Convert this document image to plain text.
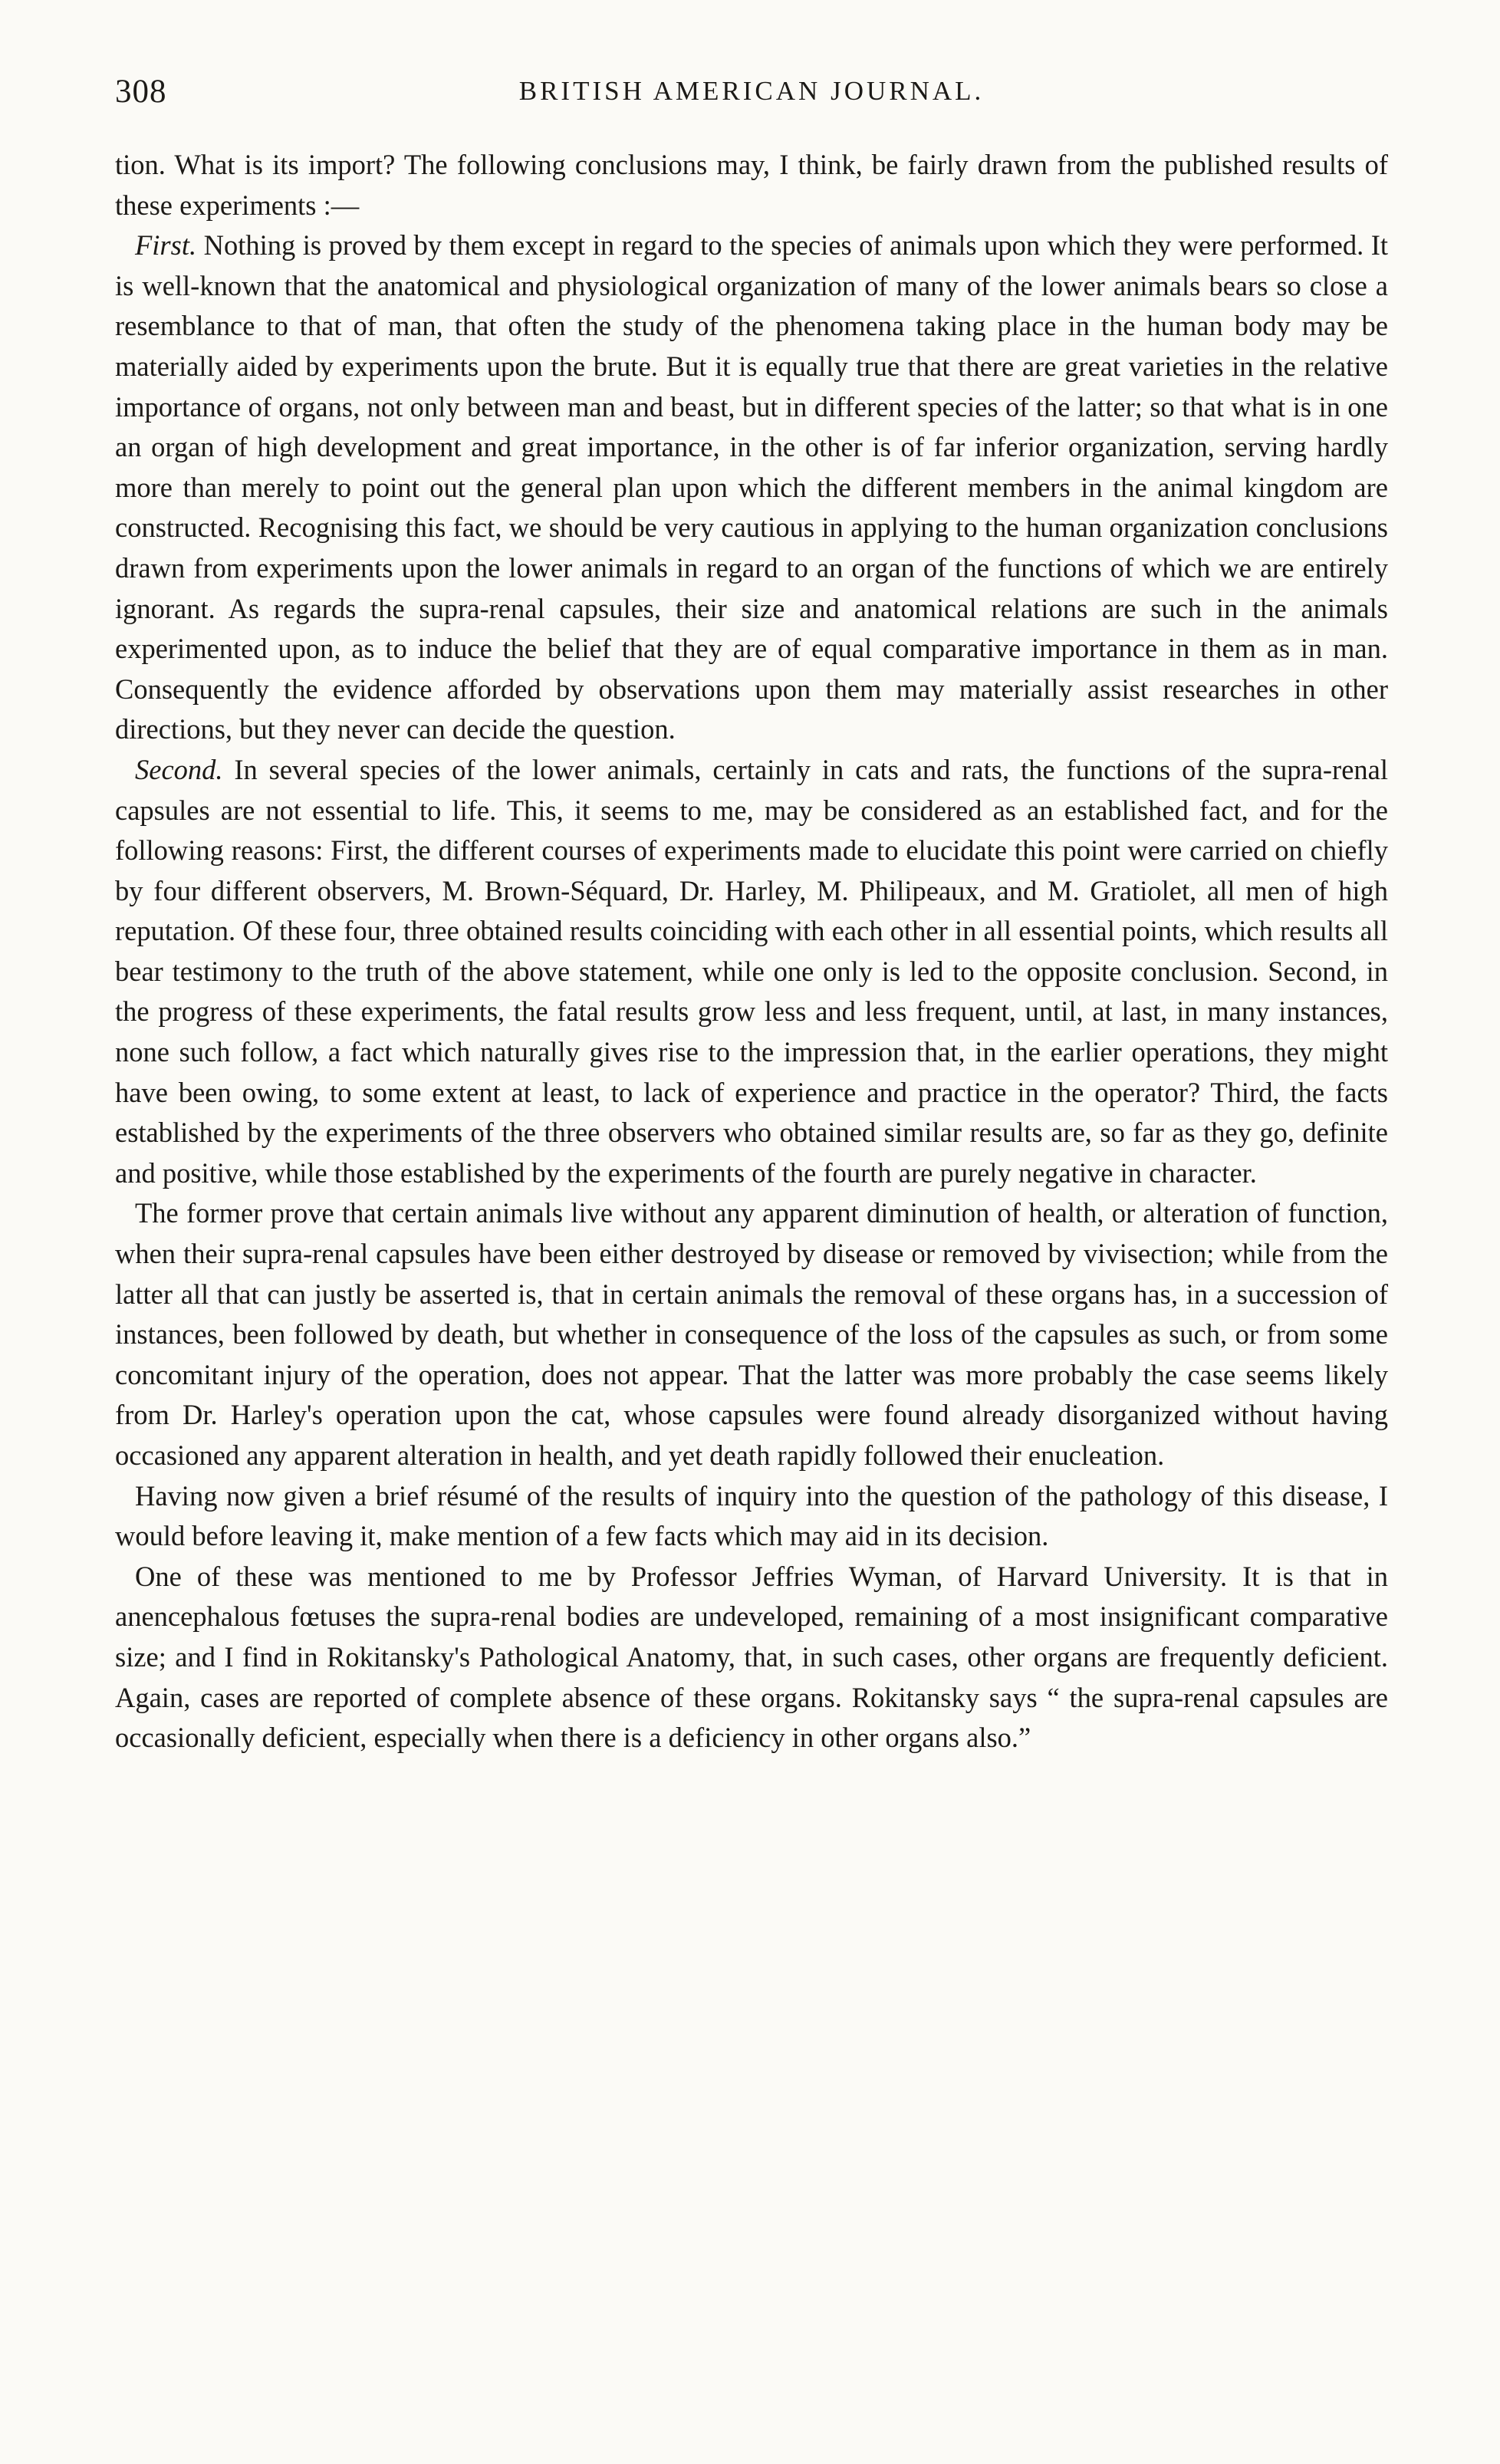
308	BRITISH AMERICAN JOURNAL.

tion. What is its import? The following conclusions may, I think, be fairly drawn from the published results of these experiments :—

First. Nothing is proved by them except in regard to the species of animals upon which they were performed. It is well-known that the anatomical and physiological organization of many of the lower animals bears so close a resemblance to that of man, that often the study of the phenomena taking place in the human body may be materially aided by experiments upon the brute. But it is equally true that there are great varieties in the relative importance of organs, not only between man and beast, but in different species of the latter; so that what is in one an organ of high development and great importance, in the other is of far inferior organization, serving hardly more than merely to point out the general plan upon which the different members in the animal kingdom are constructed. Recognising this fact, we should be very cautious in applying to the human organization conclusions drawn from experiments upon the lower animals in regard to an organ of the functions of which we are entirely ignorant. As regards the supra-renal capsules, their size and anatomical relations are such in the animals experimented upon, as to induce the belief that they are of equal comparative importance in them as in man. Consequently the evidence afforded by observations upon them may materially assist researches in other directions, but they never can decide the question.

Second. In several species of the lower animals, certainly in cats and rats, the functions of the supra-renal capsules are not essential to life. This, it seems to me, may be considered as an established fact, and for the following reasons: First, the different courses of experiments made to elucidate this point were carried on chiefly by four different observers, M. Brown-Séquard, Dr. Harley, M. Philipeaux, and M. Gratiolet, all men of high reputation. Of these four, three obtained results coinciding with each other in all essential points, which results all bear testimony to the truth of the above statement, while one only is led to the opposite conclusion. Second, in the progress of these experiments, the fatal results grow less and less frequent, until, at last, in many instances, none such follow, a fact which naturally gives rise to the impression that, in the earlier operations, they might have been owing, to some extent at least, to lack of experience and practice in the operator? Third, the facts established by the experiments of the three observers who obtained similar results are, so far as they go, definite and positive, while those established by the experiments of the fourth are purely negative in character.

The former prove that certain animals live without any apparent diminution of health, or alteration of function, when their supra-renal capsules have been either destroyed by disease or removed by vivisection; while from the latter all that can justly be asserted is, that in certain animals the removal of these organs has, in a succession of instances, been followed by death, but whether in consequence of the loss of the capsules as such, or from some concomitant injury of the operation, does not appear. That the latter was more probably the case seems likely from Dr. Harley's operation upon the cat, whose capsules were found already disorganized without having occasioned any apparent alteration in health, and yet death rapidly followed their enucleation.

Having now given a brief résumé of the results of inquiry into the question of the pathology of this disease, I would before leaving it, make mention of a few facts which may aid in its decision.

One of these was mentioned to me by Professor Jeffries Wyman, of Harvard University. It is that in anencephalous fœtuses the supra-renal bodies are undeveloped, remaining of a most insignificant comparative size; and I find in Rokitansky's Pathological Anatomy, that, in such cases, other organs are frequently deficient. Again, cases are reported of complete absence of these organs. Rokitansky says “ the supra-renal capsules are occasionally deficient, especially when there is a deficiency in other organs also.”
